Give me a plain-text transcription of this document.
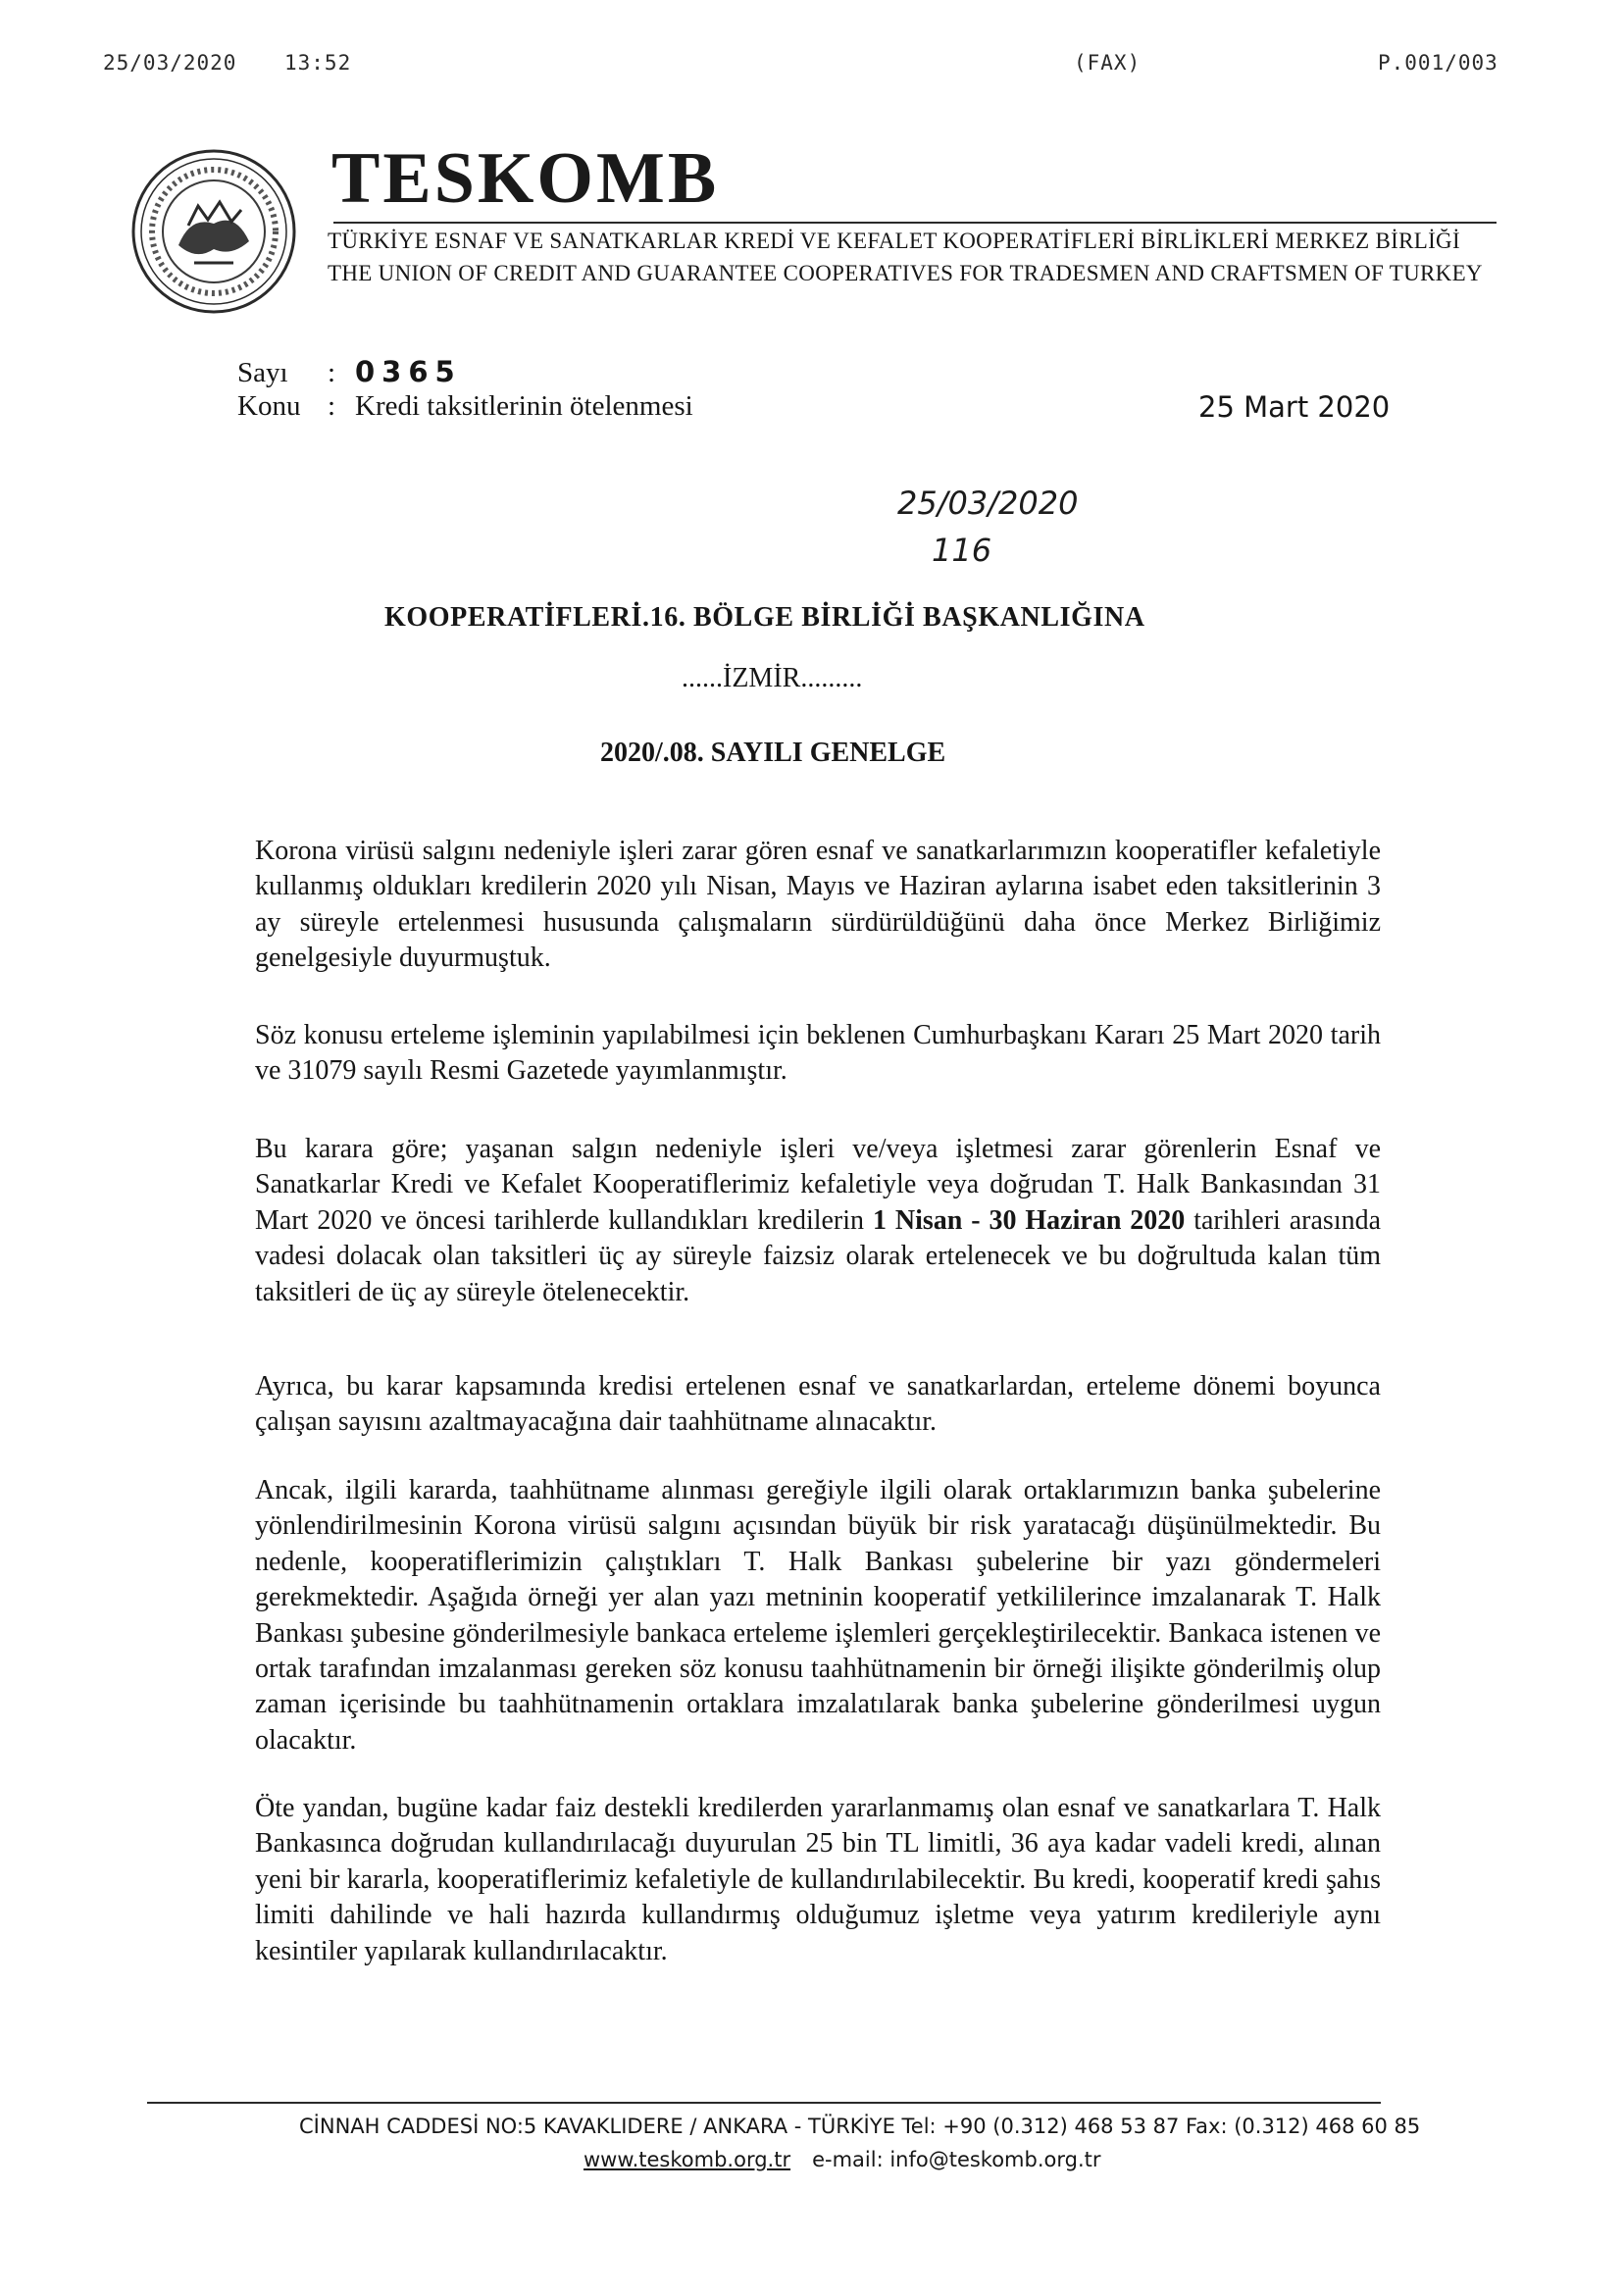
25/03/2020 13:52	(FAX)	P.001/003
TESKOMB
TÜRKİYE ESNAF VE SANATKARLAR KREDİ VE KEFALET KOOPERATİFLERİ BİRLİKLERİ MERKEZ BİRLİĞİ
THE UNION OF CREDIT AND GUARANTEE COOPERATIVES FOR TRADESMEN AND CRAFTSMEN OF TURKEY
Sayı : 0365
Konu : Kredi taksitlerinin ötelenmesi	25 Mart 2020
25/03/2020
116
KOOPERATİFLERİ.16. BÖLGE BİRLİĞİ BAŞKANLIĞINA
......İZMİR.........
2020/.08. SAYILI GENELGE
Korona virüsü salgını nedeniyle işleri zarar gören esnaf ve sanatkarlarımızın kooperatifler kefaletiyle kullanmış oldukları kredilerin 2020 yılı Nisan, Mayıs ve Haziran aylarına isabet eden taksitlerinin 3 ay süreyle ertelenmesi hususunda çalışmaların sürdürüldüğünü daha önce Merkez Birliğimiz genelgesiyle duyurmuştuk.
Söz konusu erteleme işleminin yapılabilmesi için beklenen Cumhurbaşkanı Kararı 25 Mart 2020 tarih ve 31079 sayılı Resmi Gazetede yayımlanmıştır.
Bu karara göre; yaşanan salgın nedeniyle işleri ve/veya işletmesi zarar görenlerin Esnaf ve Sanatkarlar Kredi ve Kefalet Kooperatiflerimiz kefaletiyle veya doğrudan T. Halk Bankasından 31 Mart 2020 ve öncesi tarihlerde kullandıkları kredilerin 1 Nisan - 30 Haziran 2020 tarihleri arasında vadesi dolacak olan taksitleri üç ay süreyle faizsiz olarak ertelenecek ve bu doğrultuda kalan tüm taksitleri de üç ay süreyle ötelenecektir.
Ayrıca, bu karar kapsamında kredisi ertelenen esnaf ve sanatkarlardan, erteleme dönemi boyunca çalışan sayısını azaltmayacağına dair taahhütname alınacaktır.
Ancak, ilgili kararda, taahhütname alınması gereğiyle ilgili olarak ortaklarımızın banka şubelerine yönlendirilmesinin Korona virüsü salgını açısından büyük bir risk yaratacağı düşünülmektedir. Bu nedenle, kooperatiflerimizin çalıştıkları T. Halk Bankası şubelerine bir yazı göndermeleri gerekmektedir. Aşağıda örneği yer alan yazı metninin kooperatif yetkililerince imzalanarak T. Halk Bankası şubesine gönderilmesiyle bankaca erteleme işlemleri gerçekleştirilecektir. Bankaca istenen ve ortak tarafından imzalanması gereken söz konusu taahhütnamenin bir örneği ilişikte gönderilmiş olup zaman içerisinde bu taahhütnamenin ortaklara imzalatılarak banka şubelerine gönderilmesi uygun olacaktır.
Öte yandan, bugüne kadar faiz destekli kredilerden yararlanmamış olan esnaf ve sanatkarlara T. Halk Bankasınca doğrudan kullandırılacağı duyurulan 25 bin TL limitli, 36 aya kadar vadeli kredi, alınan yeni bir kararla, kooperatiflerimiz kefaletiyle de kullandırılabilecektir. Bu kredi, kooperatif kredi şahıs limiti dahilinde ve hali hazırda kullandırmış olduğumuz işletme veya yatırım kredileriyle aynı kesintiler yapılarak kullandırılacaktır.
CİNNAH CADDESİ NO:5 KAVAKLIDERE / ANKARA - TÜRKİYE Tel: +90 (0.312) 468 53 87 Fax: (0.312) 468 60 85
www.teskomb.org.tr e-mail: info@teskomb.org.tr
